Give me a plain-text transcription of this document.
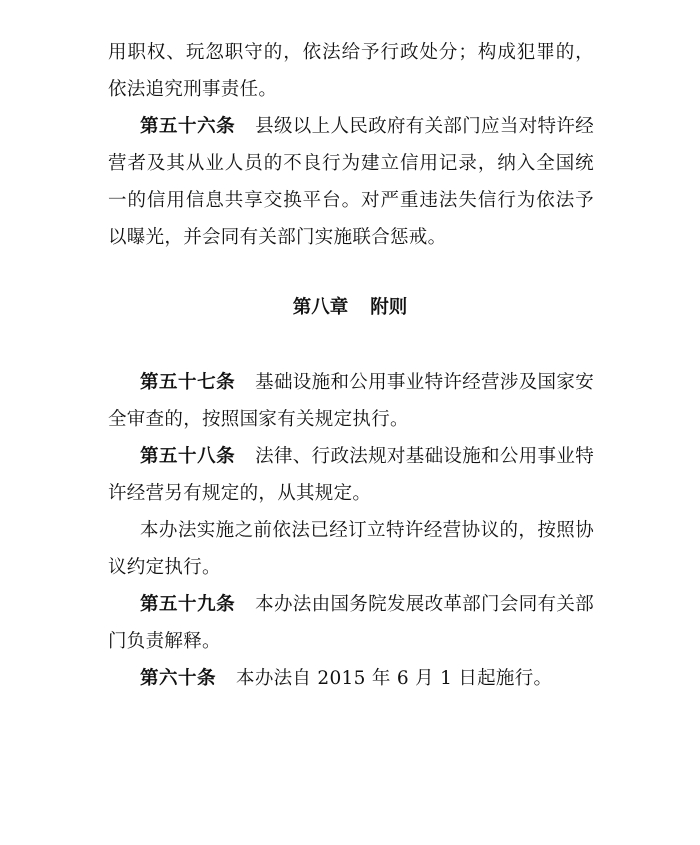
用职权、玩忽职守的，依法给予行政处分；构成犯罪的，依法追究刑事责任。

第五十六条 县级以上人民政府有关部门应当对特许经营者及其从业人员的不良行为建立信用记录，纳入全国统一的信用信息共享交换平台。对严重违法失信行为依法予以曝光，并会同有关部门实施联合惩戒。

第八章 附则

第五十七条 基础设施和公用事业特许经营涉及国家安全审查的，按照国家有关规定执行。

第五十八条 法律、行政法规对基础设施和公用事业特许经营另有规定的，从其规定。

本办法实施之前依法已经订立特许经营协议的，按照协议约定执行。

第五十九条 本办法由国务院发展改革部门会同有关部门负责解释。

第六十条 本办法自 2015 年 6 月 1 日起施行。
